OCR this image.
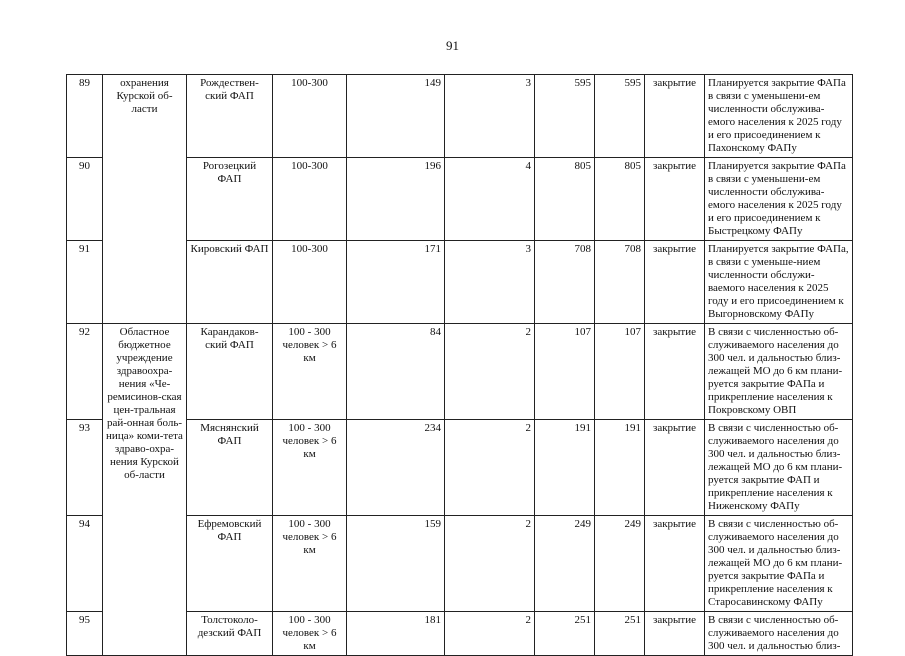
91
89	охранения Курской об-ласти	Рождествен-ский ФАП	100-300	149	3	595	595	закрытие	Планируется закрытие ФАПа в связи с уменьшени-ем численности обслужива-емого населения к 2025 году и его присоединением к Пахонскому ФАПу
90		Рогозецкий ФАП	100-300	196	4	805	805	закрытие	Планируется закрытие ФАПа в связи с уменьшени-ем численности обслужива-емого населения к 2025 году и его присоединением к Быстрецкому ФАПу
91		Кировский ФАП	100-300	171	3	708	708	закрытие	Планируется закрытие ФАПа, в связи с уменьше-нием численности обслужи-ваемого населения к 2025 году и его присоединением к Выгорновскому ФАПу
92	Областное бюджетное учреждение здравоохра-нения «Че-ремисинов-ская цен-тральная рай-онная боль-ница» коми-тета здраво-охра-нения Курской об-ласти	Карандаков-ский ФАП	100 - 300 человек > 6 км	84	2	107	107	закрытие	В связи с численностью об-служиваемого населения до 300 чел. и дальностью близ-лежащей МО до 6 км плани-руется закрытие ФАПа и прикрепление населения к Покровскому ОВП
93		Мяснянский ФАП	100 - 300 человек > 6 км	234	2	191	191	закрытие	В связи с численностью об-служиваемого населения до 300 чел. и дальностью близ-лежащей МО до 6 км плани-руется закрытие ФАП и прикрепление населения к Ниженскому ФАПу
94		Ефремовский ФАП	100 - 300 человек > 6 км	159	2	249	249	закрытие	В связи с численностью об-служиваемого населения до 300 чел. и дальностью близ-лежащей МО до 6 км плани-руется закрытие ФАПа и прикрепление населения к Старосавинскому ФАПу
95		Толстоколо-дезский ФАП	100 - 300 человек > 6 км	181	2	251	251	закрытие	В связи с численностью об-служиваемого населения до 300 чел. и дальностью близ-
